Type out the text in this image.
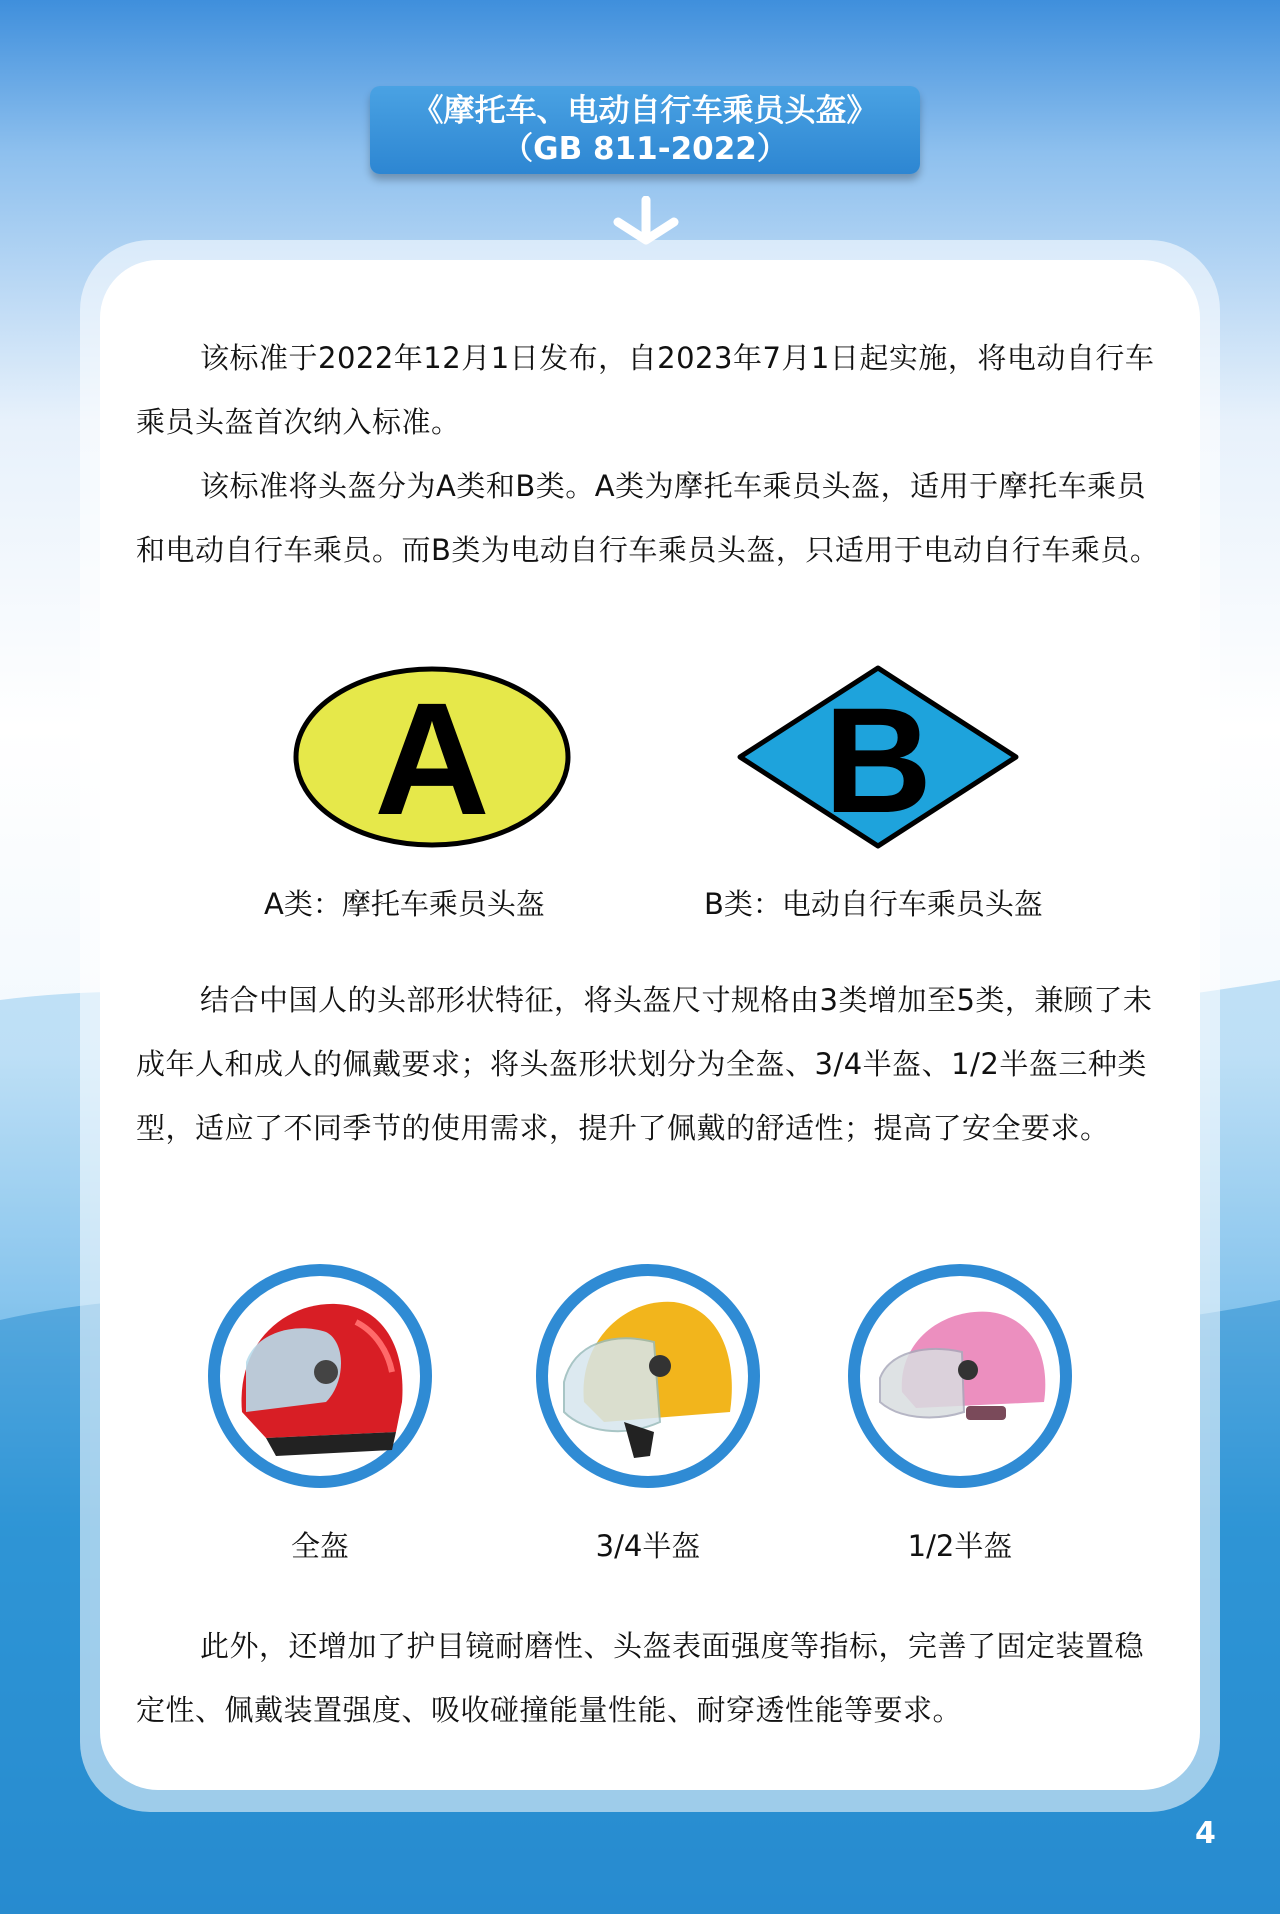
《摩托车、电动自行车乘员头盔》
（GB 811-2022）

该标准于2022年12月1日发布，自2023年7月1日起实施，将电动自行车乘员头盔首次纳入标准。

该标准将头盔分为A类和B类。A类为摩托车乘员头盔，适用于摩托车乘员和电动自行车乘员。而B类为电动自行车乘员头盔，只适用于电动自行车乘员。

A
A类：摩托车乘员头盔
B
B类：电动自行车乘员头盔

结合中国人的头部形状特征，将头盔尺寸规格由3类增加至5类，兼顾了未成年人和成人的佩戴要求；将头盔形状划分为全盔、3/4半盔、1/2半盔三种类型，适应了不同季节的使用需求，提升了佩戴的舒适性；提高了安全要求。

全盔	3/4半盔	1/2半盔

此外，还增加了护目镜耐磨性、头盔表面强度等指标，完善了固定装置稳定性、佩戴装置强度、吸收碰撞能量性能、耐穿透性能等要求。

4
